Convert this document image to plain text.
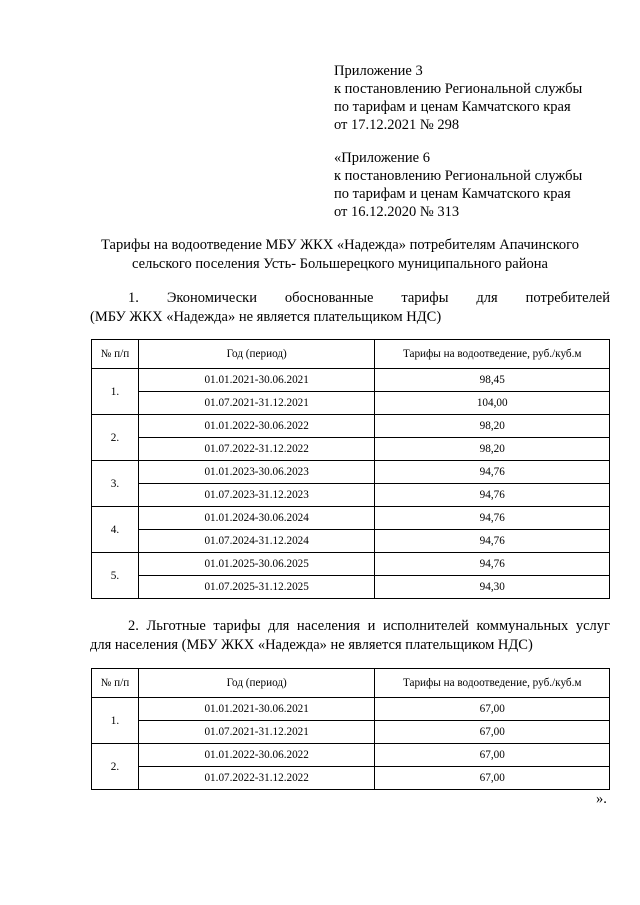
Приложение 3
к постановлению Региональной службы
по тарифам и ценам Камчатского края
от 17.12.2021 № 298
«Приложение 6
к постановлению Региональной службы
по тарифам и ценам Камчатского края
от 16.12.2020 № 313
Тарифы на водоотведение МБУ ЖКХ «Надежда» потребителям Апачинского
сельского поселения Усть- Большерецкого муниципального района
1. Экономически обоснованные тарифы для потребителей
(МБУ ЖКХ «Надежда» не является плательщиком НДС)
№ п/п	Год (период)	Тарифы на водоотведение, руб./куб.м
1.	01.01.2021-30.06.2021	98,45
	01.07.2021-31.12.2021	104,00
2.	01.01.2022-30.06.2022	98,20
	01.07.2022-31.12.2022	98,20
3.	01.01.2023-30.06.2023	94,76
	01.07.2023-31.12.2023	94,76
4.	01.01.2024-30.06.2024	94,76
	01.07.2024-31.12.2024	94,76
5.	01.01.2025-30.06.2025	94,76
	01.07.2025-31.12.2025	94,30
2. Льготные тарифы для населения и исполнителей коммунальных услуг
для населения (МБУ ЖКХ «Надежда» не является плательщиком НДС)
№ п/п	Год (период)	Тарифы на водоотведение, руб./куб.м
1.	01.01.2021-30.06.2021	67,00
	01.07.2021-31.12.2021	67,00
2.	01.01.2022-30.06.2022	67,00
	01.07.2022-31.12.2022	67,00
».
